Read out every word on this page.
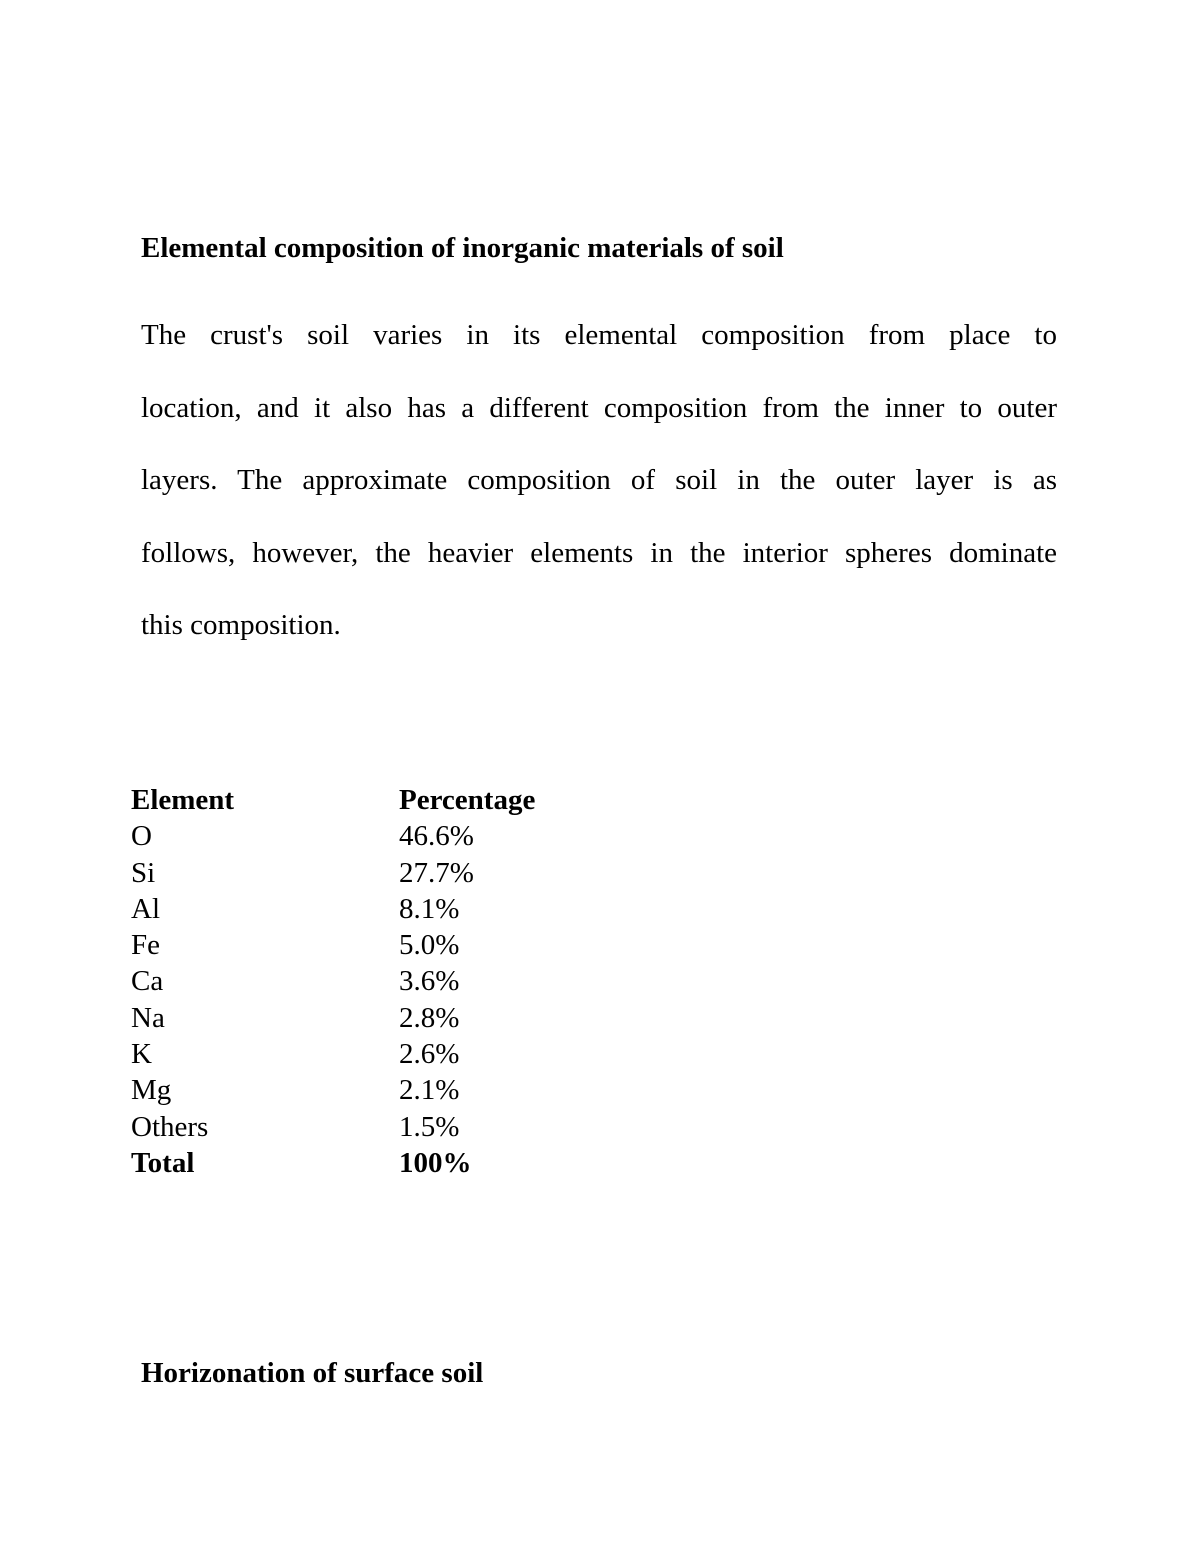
Elemental composition of inorganic materials of soil
The crust's soil varies in its elemental composition from place to
location, and it also has a different composition from the inner to outer
layers. The approximate composition of soil in the outer layer is as
follows, however, the heavier elements in the interior spheres dominate
this composition.
Element	Percentage
O	46.6%
Si	27.7%
Al	8.1%
Fe	5.0%
Ca	3.6%
Na	2.8%
K	2.6%
Mg	2.1%
Others	1.5%
Total	100%
Horizonation of surface soil
